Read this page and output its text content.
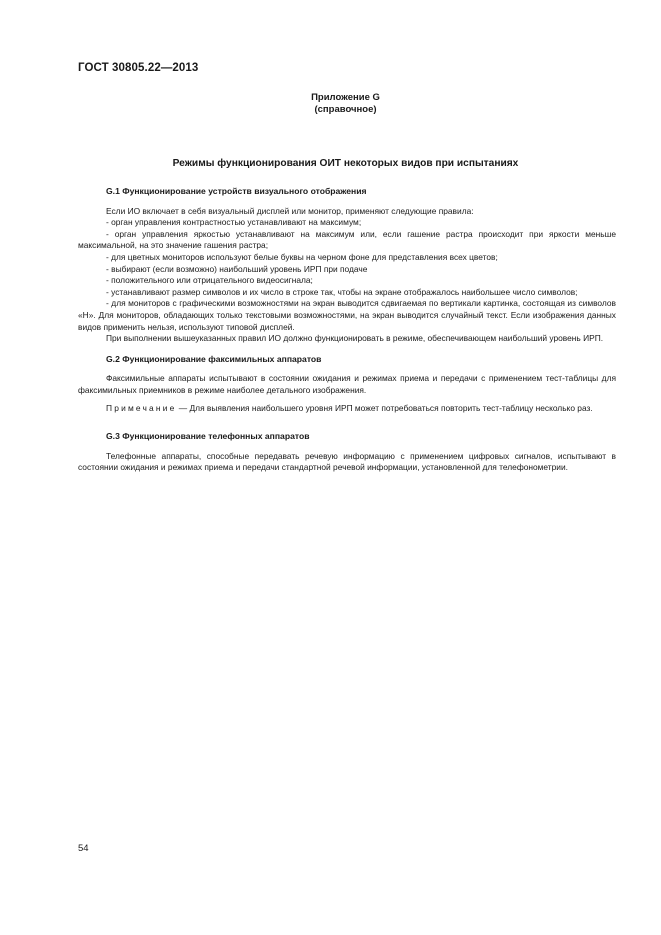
ГОСТ 30805.22—2013
Приложение G
(справочное)
Режимы функционирования ОИТ некоторых видов при испытаниях
G.1 Функционирование устройств визуального отображения

Если ИО включает в себя визуальный дисплей или монитор, применяют следующие правила:

- орган управления контрастностью устанавливают на максимум;

- орган управления яркостью устанавливают на максимум или, если гашение растра происходит при яркости меньше максимальной, на это значение гашения растра;

- для цветных мониторов используют белые буквы на черном фоне для представления всех цветов;

- выбирают (если возможно) наибольший уровень ИРП при подаче

- положительного или отрицательного видеосигнала;

- устанавливают размер символов и их число в строке так, чтобы на экране отображалось наибольшее число символов;

- для мониторов с графическими возможностями на экран выводится сдвигаемая по вертикали картинка, состоящая из символов «H». Для мониторов, обладающих только текстовыми возможностями, на экран выводится случайный текст. Если изображения данных видов применить нельзя, используют типовой дисплей.

При выполнении вышеуказанных правил ИО должно функционировать в режиме, обеспечивающем наибольший уровень ИРП.

G.2 Функционирование факсимильных аппаратов

Факсимильные аппараты испытывают в состоянии ожидания и режимах приема и передачи с применением тест-таблицы для факсимильных приемников в режиме наиболее детального изображения.

Примечание — Для выявления наибольшего уровня ИРП может потребоваться повторить тест-таблицу несколько раз.

G.3 Функционирование телефонных аппаратов

Телефонные аппараты, способные передавать речевую информацию с применением цифровых сигналов, испытывают в состоянии ожидания и режимах приема и передачи стандартной речевой информации, установленной для телефонометрии.

54
